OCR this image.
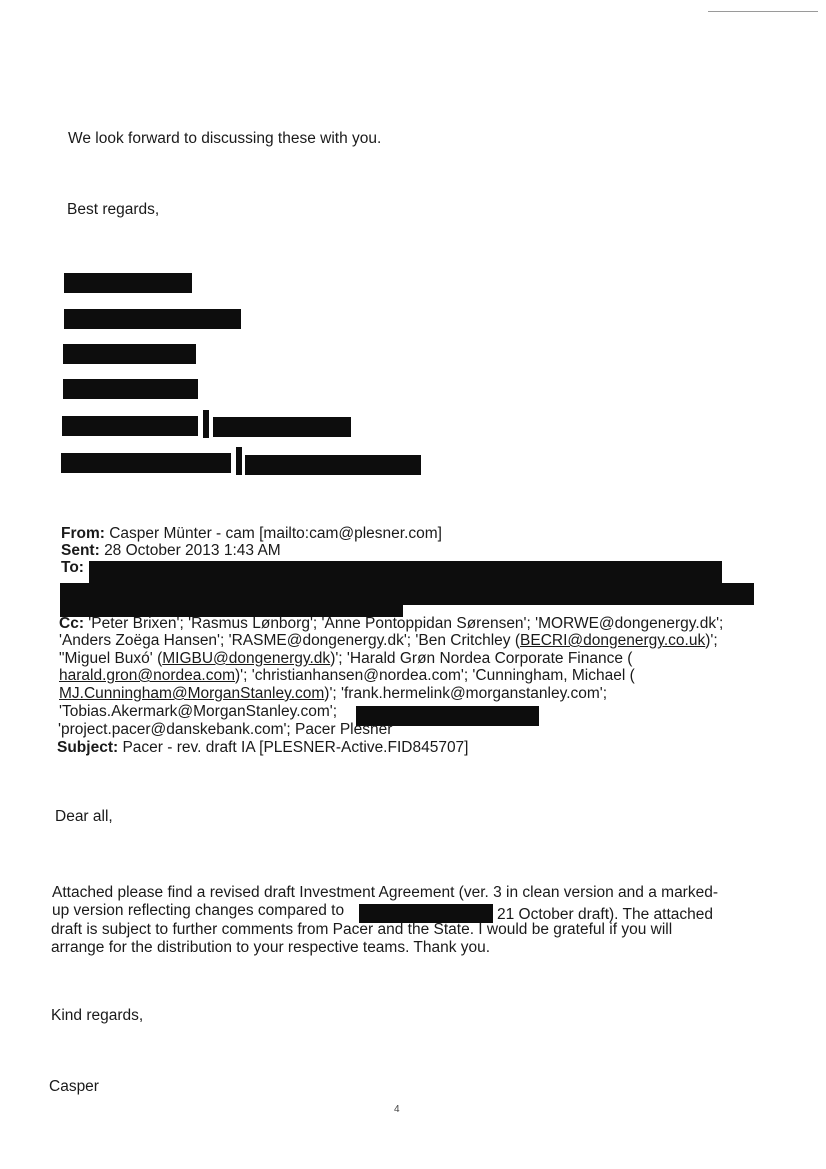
We look forward to discussing these with you.

Best regards,

From: Casper Münter - cam [mailto:cam@plesner.com]

Sent: 28 October 2013 1:43 AM

To:

Cc: 'Peter Brixen'; 'Rasmus Lønborg'; 'Anne Pontoppidan Sørensen'; 'MORWE@dongenergy.dk';

'Anders Zoëga Hansen'; 'RASME@dongenergy.dk'; 'Ben Critchley (BECRI@dongenergy.co.uk)';

"Miguel Buxó' (MIGBU@dongenergy.dk)'; 'Harald Grøn Nordea Corporate Finance (

harald.gron@nordea.com)'; 'christianhansen@nordea.com'; 'Cunningham, Michael (

MJ.Cunningham@MorganStanley.com)'; 'frank.hermelink@morganstanley.com';

'Tobias.Akermark@MorganStanley.com';

'project.pacer@danskebank.com'; Pacer Plesner

Subject: Pacer - rev. draft IA [PLESNER-Active.FID845707]

Dear all,

Attached please find a revised draft Investment Agreement (ver. 3 in clean version and a marked-

up version reflecting changes compared to	21 October draft). The attached

draft is subject to further comments from Pacer and the State. I would be grateful if you will

arrange for the distribution to your respective teams. Thank you.

Kind regards,

Casper

4
